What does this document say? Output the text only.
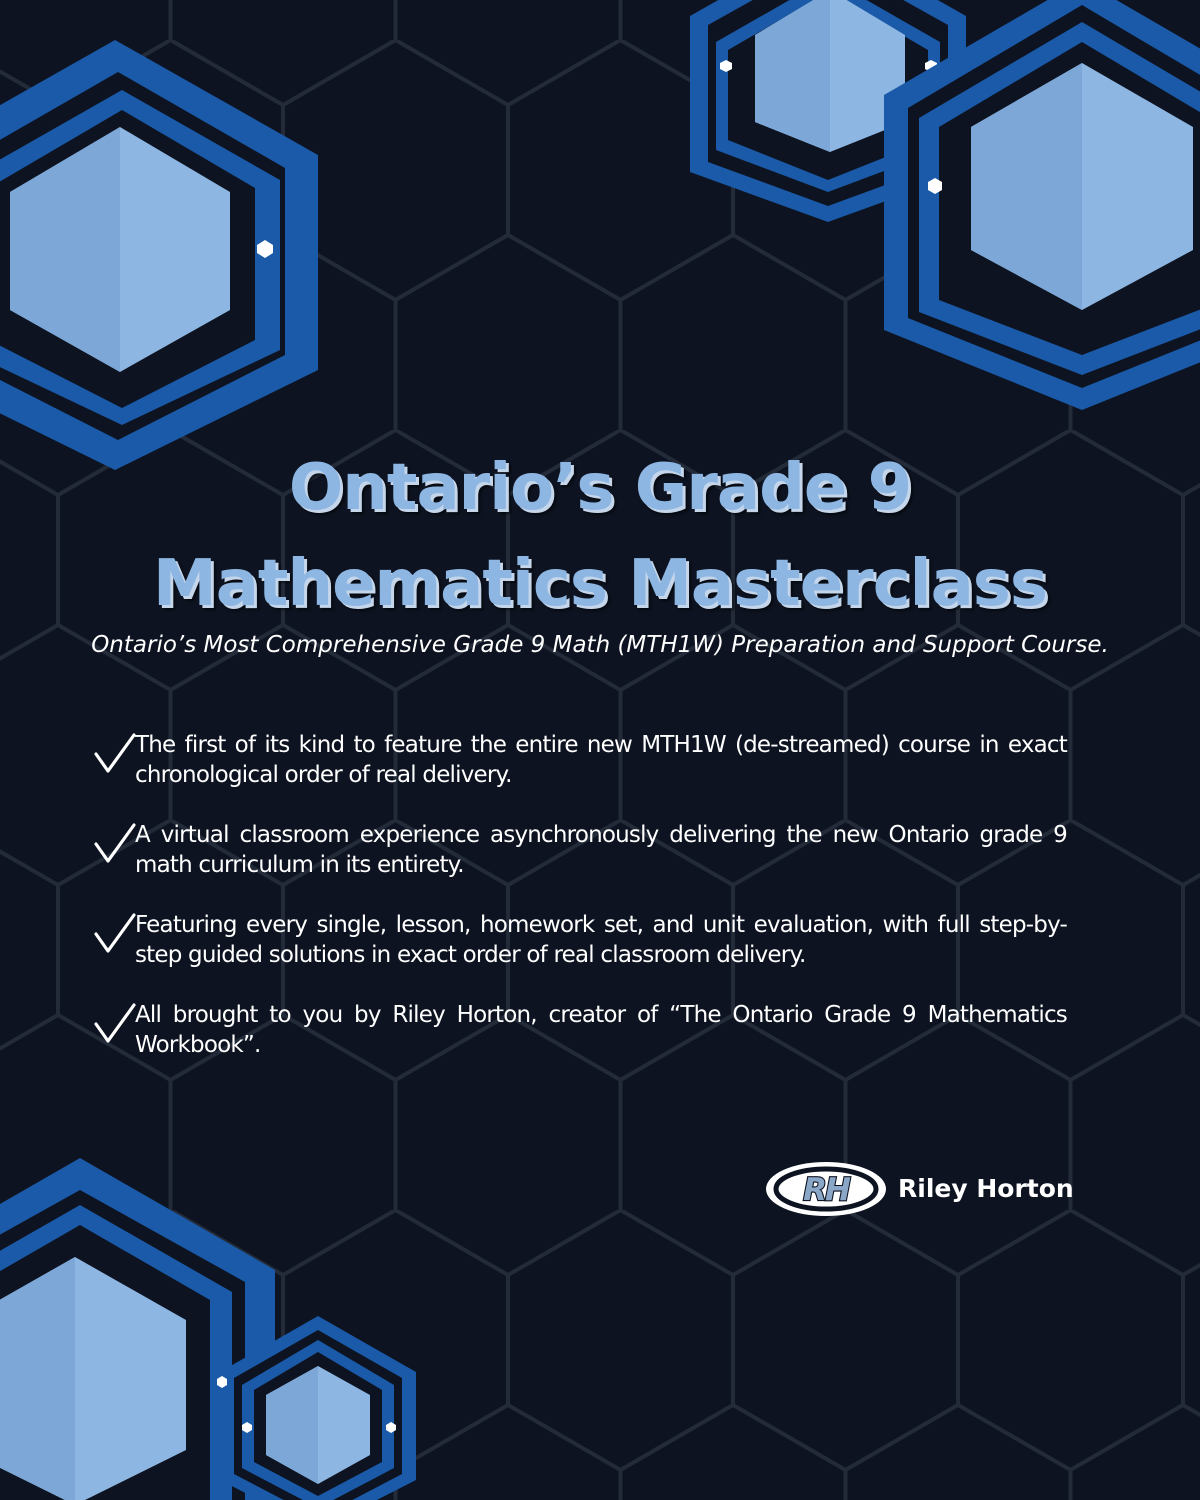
Ontario’s Grade 9
Mathematics Masterclass

Ontario’s Most Comprehensive Grade 9 Math (MTH1W) Preparation and Support Course.

The first of its kind to feature the entire new MTH1W (de-streamed) course in exact chronological order of real delivery.

A virtual classroom experience asynchronously delivering the new Ontario grade 9 math curriculum in its entirety.

Featuring every single, lesson, homework set, and unit evaluation, with full step-by-step guided solutions in exact order of real classroom delivery.

All brought to you by Riley Horton, creator of “The Ontario Grade 9 Mathematics Workbook”.

RH Riley Horton
